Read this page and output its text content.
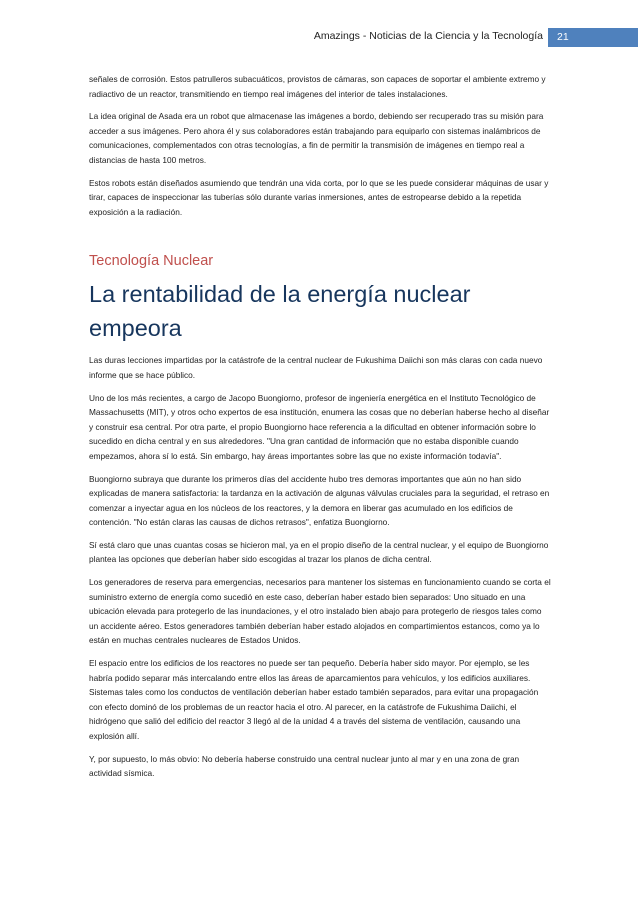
Amazings - Noticias de la Ciencia y la Tecnología	21

señales de corrosión. Estos patrulleros subacuáticos, provistos de cámaras, son capaces de soportar el ambiente extremo y radiactivo de un reactor, transmitiendo en tiempo real imágenes del interior de tales instalaciones.

La idea original de Asada era un robot que almacenase las imágenes a bordo, debiendo ser recuperado tras su misión para acceder a sus imágenes. Pero ahora él y sus colaboradores están trabajando para equiparlo con sistemas inalámbricos de comunicaciones, complementados con otras tecnologías, a fin de permitir la transmisión de imágenes en tiempo real a distancias de hasta 100 metros.

Estos robots están diseñados asumiendo que tendrán una vida corta, por lo que se les puede considerar máquinas de usar y tirar, capaces de inspeccionar las tuberías sólo durante varias inmersiones, antes de estropearse debido a la repetida exposición a la radiación.

Tecnología Nuclear
La rentabilidad de la energía nuclear empeora

Las duras lecciones impartidas por la catástrofe de la central nuclear de Fukushima Daiichi son más claras con cada nuevo informe que se hace público.

Uno de los más recientes, a cargo de Jacopo Buongiorno, profesor de ingeniería energética en el Instituto Tecnológico de Massachusetts (MIT), y otros ocho expertos de esa institución, enumera las cosas que no deberían haberse hecho al diseñar y construir esa central. Por otra parte, el propio Buongiorno hace referencia a la dificultad en obtener información sobre lo sucedido en dicha central y en sus alrededores. "Una gran cantidad de información que no estaba disponible cuando empezamos, ahora sí lo está. Sin embargo, hay áreas importantes sobre las que no existe información todavía".

Buongiorno subraya que durante los primeros días del accidente hubo tres demoras importantes que aún no han sido explicadas de manera satisfactoria: la tardanza en la activación de algunas válvulas cruciales para la seguridad, el retraso en comenzar a inyectar agua en los núcleos de los reactores, y la demora en liberar gas acumulado en los edificios de contención. "No están claras las causas de dichos retrasos", enfatiza Buongiorno.

Sí está claro que unas cuantas cosas se hicieron mal, ya en el propio diseño de la central nuclear, y el equipo de Buongiorno plantea las opciones que deberían haber sido escogidas al trazar los planos de dicha central.

Los generadores de reserva para emergencias, necesarios para mantener los sistemas en funcionamiento cuando se corta el suministro externo de energía como sucedió en este caso, deberían haber estado bien separados: Uno situado en una ubicación elevada para protegerlo de las inundaciones, y el otro instalado bien abajo para protegerlo de riesgos tales como un accidente aéreo. Estos generadores también deberían haber estado alojados en compartimientos estancos, como ya lo están en muchas centrales nucleares de Estados Unidos.

El espacio entre los edificios de los reactores no puede ser tan pequeño. Debería haber sido mayor. Por ejemplo, se les habría podido separar más intercalando entre ellos las áreas de aparcamientos para vehículos, y los edificios auxiliares. Sistemas tales como los conductos de ventilación deberían haber estado también separados, para evitar una propagación con efecto dominó de los problemas de un reactor hacia el otro. Al parecer, en la catástrofe de Fukushima Daiichi, el hidrógeno que salió del edificio del reactor 3 llegó al de la unidad 4 a través del sistema de ventilación, causando una explosión allí.

Y, por supuesto, lo más obvio: No debería haberse construido una central nuclear junto al mar y en una zona de gran actividad sísmica.
